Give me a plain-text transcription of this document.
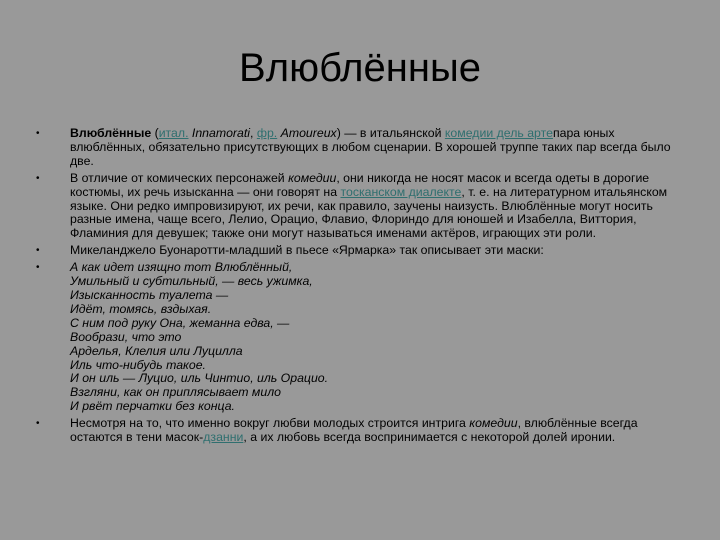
Влюблённые
•	Влюблённые (итал. Innamorati, фр. Amoureux) — в итальянской комедии дель артепара юных влюблённых, обязательно присутствующих в любом сценарии. В хорошей труппе таких пар всегда было две.
•	В отличие от комических персонажей комедии, они никогда не носят масок и всегда одеты в дорогие костюмы, их речь изысканна — они говорят на тосканском диалекте, т. е. на литературном итальянском языке. Они редко импровизируют, их речи, как правило, заучены наизусть. Влюблённые могут носить разные имена, чаще всего, Лелио, Орацио, Флавио, Флориндо для юношей и Изабелла, Виттория, Фламиния для девушек; также они могут называться именами актёров, играющих эти роли.
•	Микеланджело Буонаротти-младший в пьесе «Ярмарка» так описывает эти маски:
•	А как идет изящно тот Влюблённый,
Умильный и субтильный, — весь ужимка,
Изысканность туалета —
Идёт, томясь, вздыхая.
С ним под руку Она, жеманна едва, —
Вообрази, что это
Арделья, Клелия или Луцилла
Иль что-нибудь такое.
И он иль — Луцио, иль Чинтио, иль Орацио.
Взгляни, как он приплясывает мило
И рвёт перчатки без конца.
•	Несмотря на то, что именно вокруг любви молодых строится интрига комедии, влюблённые всегда остаются в тени масок-дзанни, а их любовь всегда воспринимается с некоторой долей иронии.
